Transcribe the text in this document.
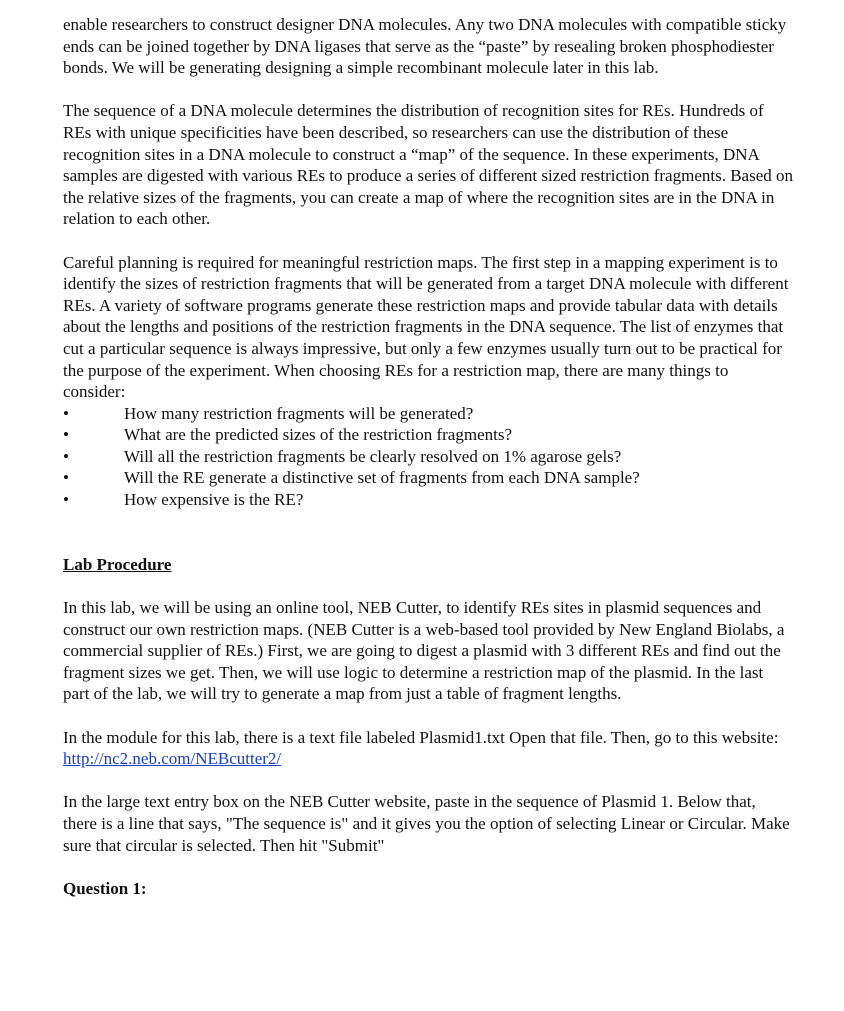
enable researchers to construct designer DNA molecules. Any two DNA molecules with compatible sticky ends can be joined together by DNA ligases that serve as the “paste” by resealing broken phosphodiester bonds. We will be generating designing a simple recombinant molecule later in this lab.

The sequence of a DNA molecule determines the distribution of recognition sites for REs. Hundreds of REs with unique specificities have been described, so researchers can use the distribution of these recognition sites in a DNA molecule to construct a “map” of the sequence. In these experiments, DNA samples are digested with various REs to produce a series of different sized restriction fragments. Based on the relative sizes of the fragments, you can create a map of where the recognition sites are in the DNA in relation to each other.

Careful planning is required for meaningful restriction maps. The first step in a mapping experiment is to identify the sizes of restriction fragments that will be generated from a target DNA molecule with different REs. A variety of software programs generate these restriction maps and provide tabular data with details about the lengths and positions of the restriction fragments in the DNA sequence. The list of enzymes that cut a particular sequence is always impressive, but only a few enzymes usually turn out to be practical for the purpose of the experiment. When choosing REs for a restriction map, there are many things to consider:

•	How many restriction fragments will be generated?
•	What are the predicted sizes of the restriction fragments?
•	Will all the restriction fragments be clearly resolved on 1% agarose gels?
•	Will the RE generate a distinctive set of fragments from each DNA sample?
•	How expensive is the RE?

Lab Procedure

In this lab, we will be using an online tool, NEB Cutter, to identify REs sites in plasmid sequences and construct our own restriction maps. (NEB Cutter is a web-based tool provided by New England Biolabs, a commercial supplier of REs.) First, we are going to digest a plasmid with 3 different REs and find out the fragment sizes we get. Then, we will use logic to determine a restriction map of the plasmid. In the last part of the lab, we will try to generate a map from just a table of fragment lengths.

In the module for this lab, there is a text file labeled Plasmid1.txt Open that file. Then, go to this website:

http://nc2.neb.com/NEBcutter2/

In the large text entry box on the NEB Cutter website, paste in the sequence of Plasmid 1. Below that, there is a line that says, "The sequence is" and it gives you the option of selecting Linear or Circular. Make sure that circular is selected. Then hit "Submit"

Question 1:
